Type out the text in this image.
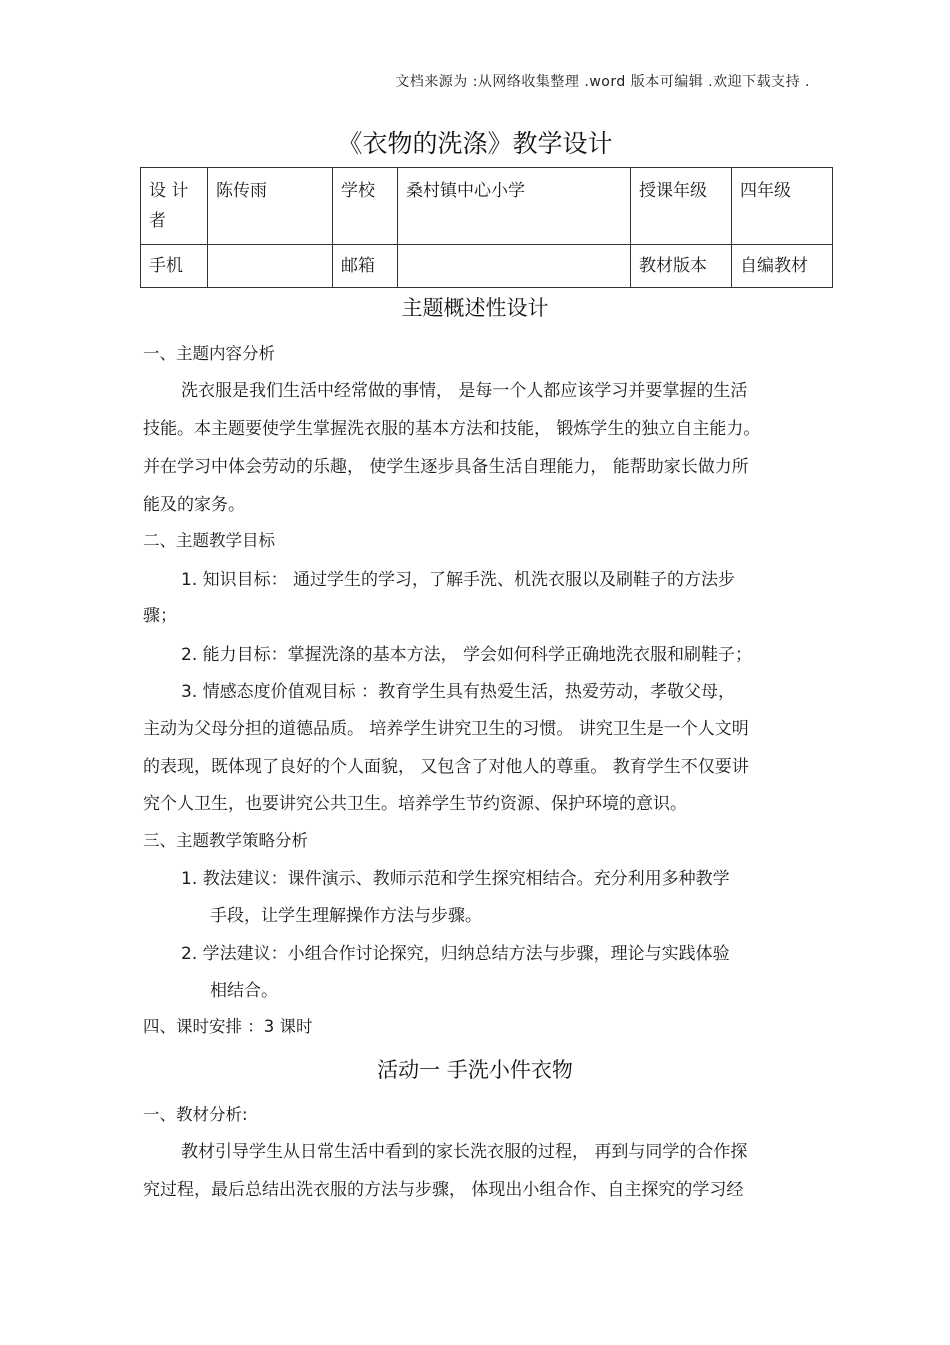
文档来源为 :从网络收集整理 .word 版本可编辑 .欢迎下载支持 .
《衣物的洗涤》教学设计
设 计 者	陈传雨	学校	桑村镇中心小学	授课年级	四年级
手机		邮箱		教材版本	自编教材
主题概述性设计
一、主题内容分析
洗衣服是我们生活中经常做的事情， 是每一个人都应该学习并要掌握的生活
技能。本主题要使学生掌握洗衣服的基本方法和技能， 锻炼学生的独立自主能力。
并在学习中体会劳动的乐趣， 使学生逐步具备生活自理能力， 能帮助家长做力所
能及的家务。
二、主题教学目标
1. 知识目标： 通过学生的学习，了解手洗、机洗衣服以及刷鞋子的方法步
骤；
2. 能力目标：掌握洗涤的基本方法， 学会如何科学正确地洗衣服和刷鞋子；
3. 情感态度价值观目标 ：教育学生具有热爱生活，热爱劳动，孝敬父母，
主动为父母分担的道德品质。 培养学生讲究卫生的习惯。 讲究卫生是一个人文明
的表现，既体现了良好的个人面貌， 又包含了对他人的尊重。 教育学生不仅要讲
究个人卫生，也要讲究公共卫生。培养学生节约资源、保护环境的意识。
三、主题教学策略分析
1. 教法建议：课件演示、教师示范和学生探究相结合。充分利用多种教学
手段，让学生理解操作方法与步骤。
2. 学法建议：小组合作讨论探究，归纳总结方法与步骤，理论与实践体验
相结合。
四、课时安排 ：3 课时
活动一 手洗小件衣物
一、教材分析:
教材引导学生从日常生活中看到的家长洗衣服的过程， 再到与同学的合作探
究过程，最后总结出洗衣服的方法与步骤， 体现出小组合作、自主探究的学习经
